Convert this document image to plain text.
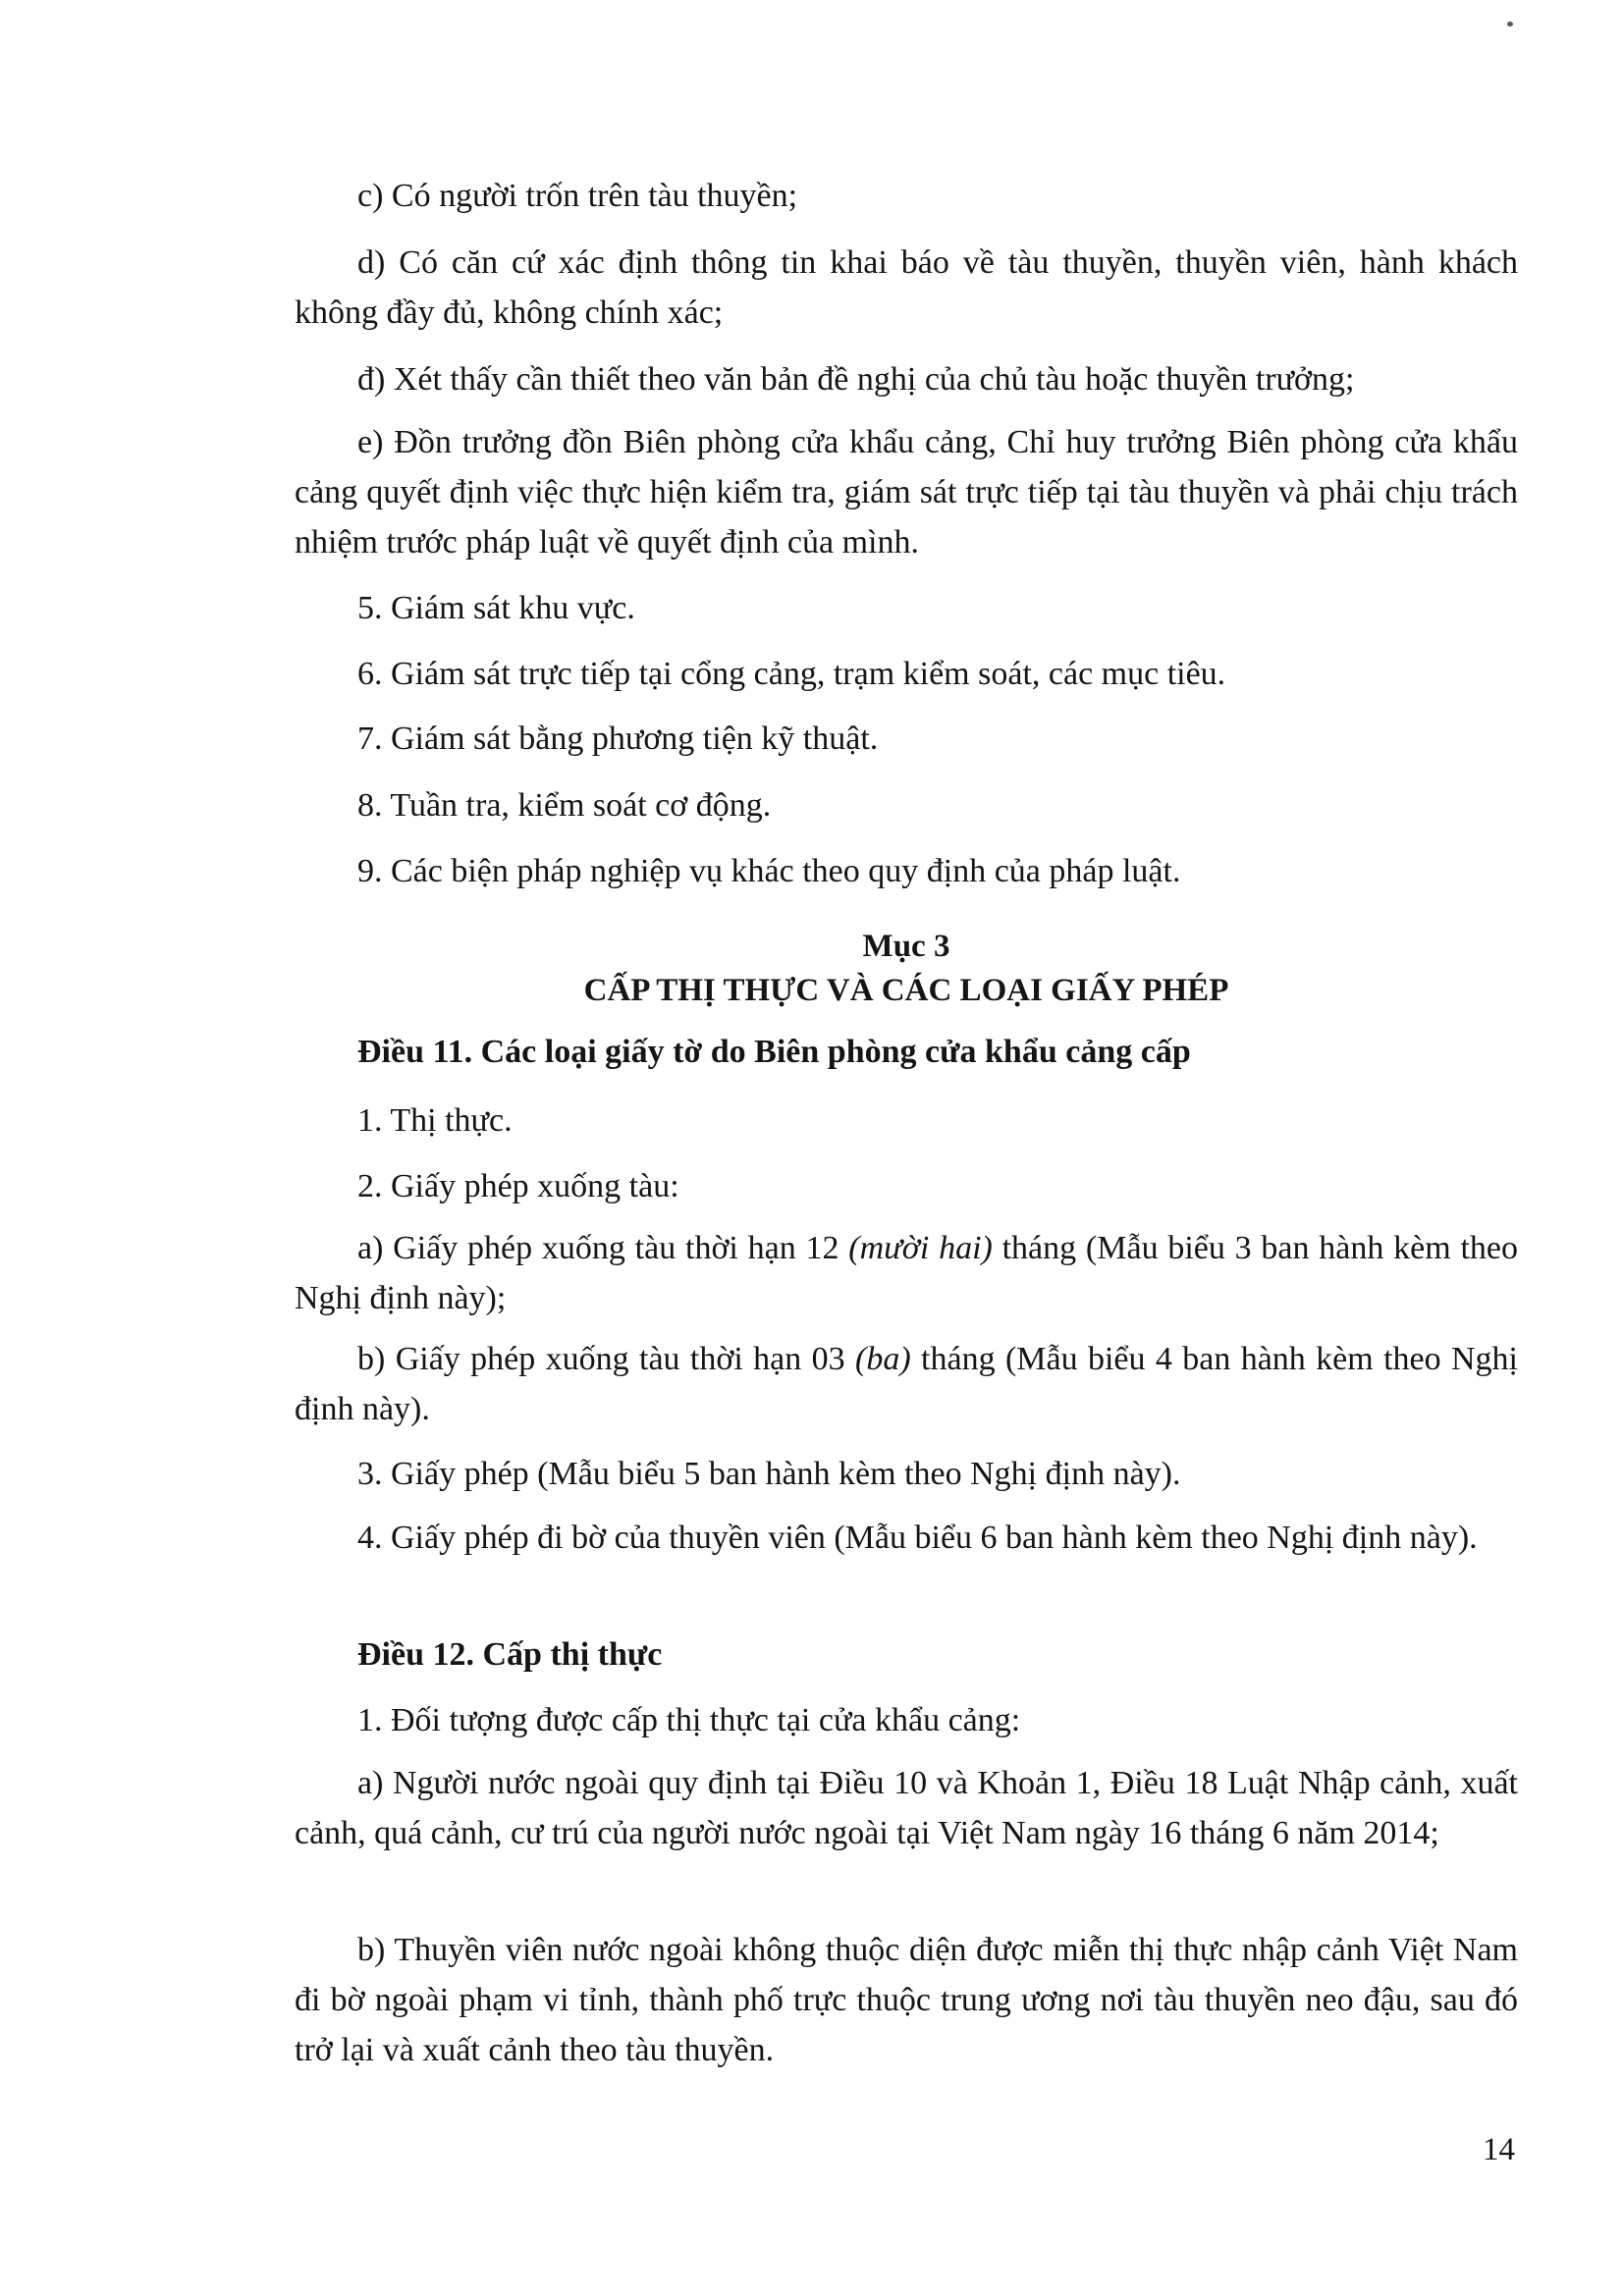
c) Có người trốn trên tàu thuyền;

d) Có căn cứ xác định thông tin khai báo về tàu thuyền, thuyền viên, hành khách không đầy đủ, không chính xác;

đ) Xét thấy cần thiết theo văn bản đề nghị của chủ tàu hoặc thuyền trưởng;

e) Đồn trưởng đồn Biên phòng cửa khẩu cảng, Chỉ huy trưởng Biên phòng cửa khẩu cảng quyết định việc thực hiện kiểm tra, giám sát trực tiếp tại tàu thuyền và phải chịu trách nhiệm trước pháp luật về quyết định của mình.

5. Giám sát khu vực.

6. Giám sát trực tiếp tại cổng cảng, trạm kiểm soát, các mục tiêu.

7. Giám sát bằng phương tiện kỹ thuật.

8. Tuần tra, kiểm soát cơ động.

9. Các biện pháp nghiệp vụ khác theo quy định của pháp luật.

Mục 3

CẤP THỊ THỰC VÀ CÁC LOẠI GIẤY PHÉP

Điều 11. Các loại giấy tờ do Biên phòng cửa khẩu cảng cấp

1. Thị thực.

2. Giấy phép xuống tàu:

a) Giấy phép xuống tàu thời hạn 12 (mười hai) tháng (Mẫu biểu 3 ban hành kèm theo Nghị định này);

b) Giấy phép xuống tàu thời hạn 03 (ba) tháng (Mẫu biểu 4 ban hành kèm theo Nghị định này).

3. Giấy phép (Mẫu biểu 5 ban hành kèm theo Nghị định này).

4. Giấy phép đi bờ của thuyền viên (Mẫu biểu 6 ban hành kèm theo Nghị định này).

Điều 12. Cấp thị thực

1. Đối tượng được cấp thị thực tại cửa khẩu cảng:

a) Người nước ngoài quy định tại Điều 10 và Khoản 1, Điều 18 Luật Nhập cảnh, xuất cảnh, quá cảnh, cư trú của người nước ngoài tại Việt Nam ngày 16 tháng 6 năm 2014;

b) Thuyền viên nước ngoài không thuộc diện được miễn thị thực nhập cảnh Việt Nam đi bờ ngoài phạm vi tỉnh, thành phố trực thuộc trung ương nơi tàu thuyền neo đậu, sau đó trở lại và xuất cảnh theo tàu thuyền.

14
